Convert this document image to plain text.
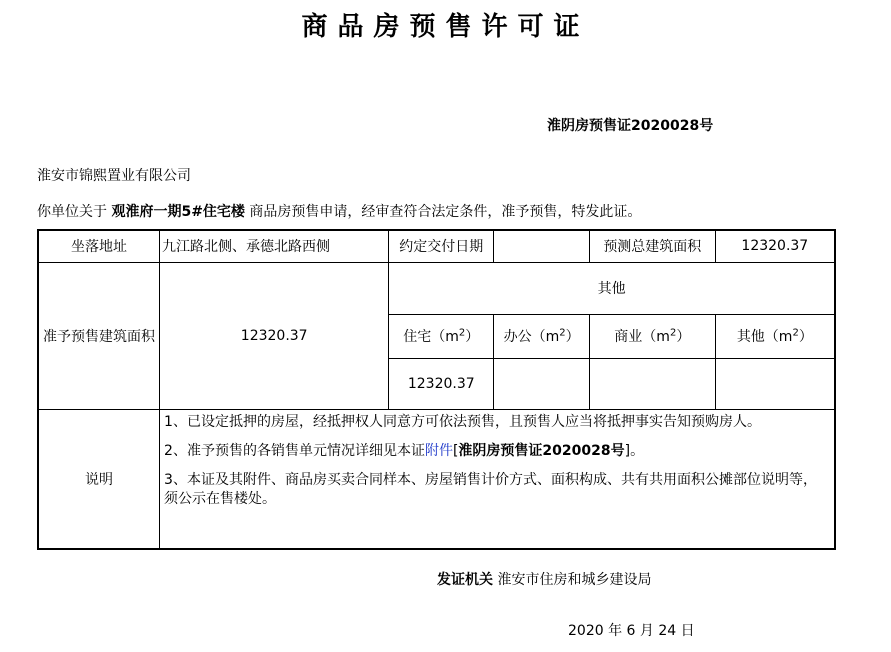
商品房预售许可证
淮阴房预售证2020028号
淮安市锦熙置业有限公司
你单位关于 观淮府一期5#住宅楼 商品房预售申请，经审查符合法定条件，准予预售，特发此证。
坐落地址	九江路北侧、承德北路西侧	约定交付日期		预测总建筑面积	12320.37
准予预售建筑面积	12320.37	其他			
		住宅$(m^2)$	办公$(m^2)$	商业$(m^2)$	其他$(m^2)$
		12320.37			
说明	1、已设定抵押的房屋，经抵押权人同意方可依法预售，且预售人应当将抵押事实告知预购房人。

2、准予预售的各销售单元情况详细见本证附件[淮阴房预售证2020028号]。

3、本证及其附件、商品房买卖合同样本、房屋销售计价方式、面积构成、共有共用面积公摊部位说明等，须公示在售楼处。				

发证机关 淮安市住房和城乡建设局
2020 年 6 月 24 日
